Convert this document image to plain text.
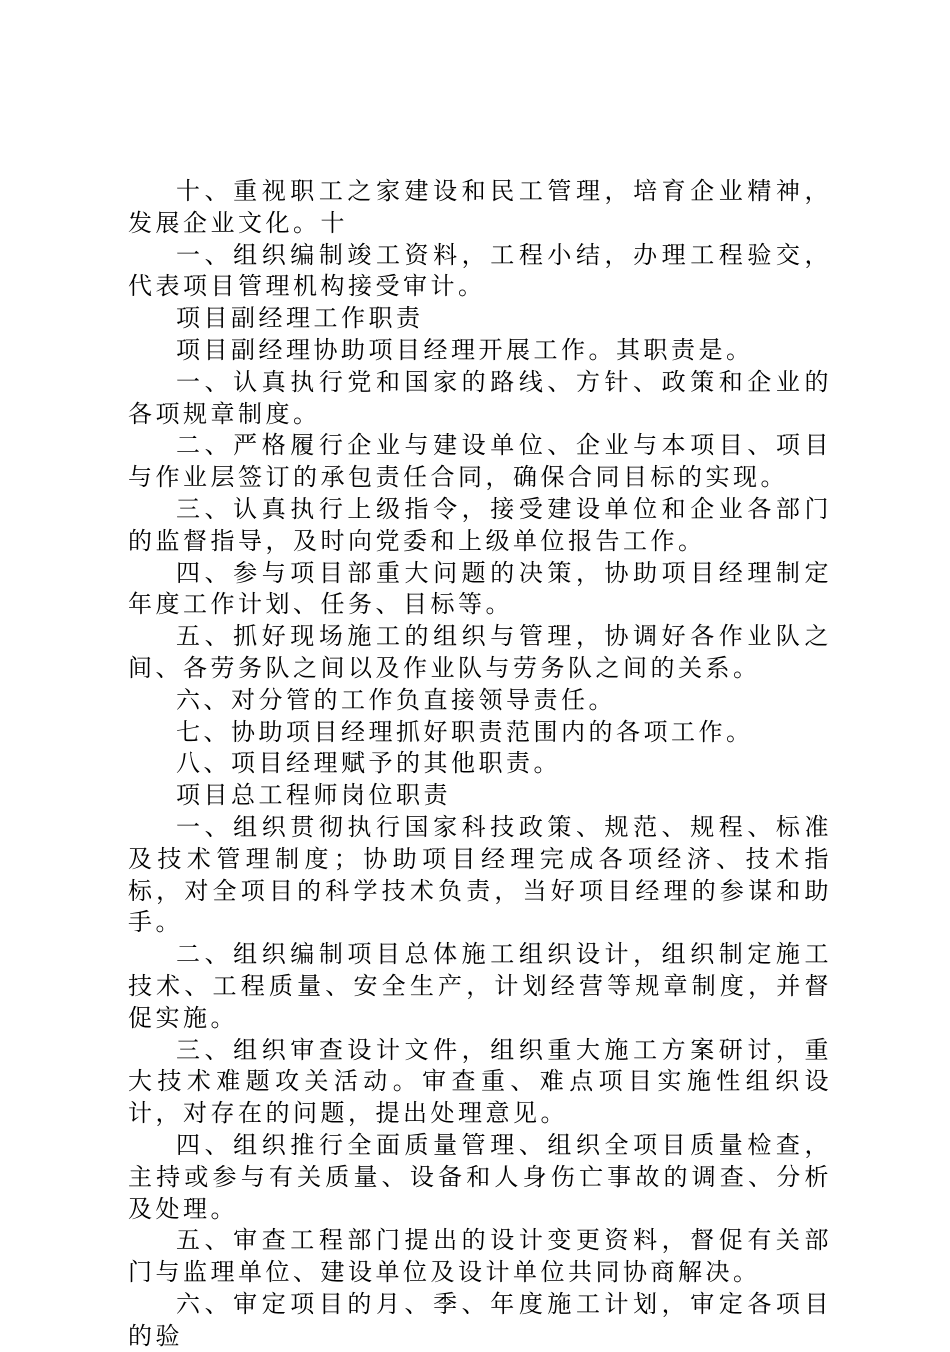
十、重视职工之家建设和民工管理，培育企业精神，发展企业文化。十

一、组织编制竣工资料，工程小结，办理工程验交，代表项目管理机构接受审计。

项目副经理工作职责

项目副经理协助项目经理开展工作。其职责是。

一、认真执行党和国家的路线、方针、政策和企业的各项规章制度。

二、严格履行企业与建设单位、企业与本项目、项目与作业层签订的承包责任合同，确保合同目标的实现。

三、认真执行上级指令，接受建设单位和企业各部门的监督指导，及时向党委和上级单位报告工作。

四、参与项目部重大问题的决策，协助项目经理制定年度工作计划、任务、目标等。

五、抓好现场施工的组织与管理，协调好各作业队之间、各劳务队之间以及作业队与劳务队之间的关系。

六、对分管的工作负直接领导责任。

七、协助项目经理抓好职责范围内的各项工作。

八、项目经理赋予的其他职责。

项目总工程师岗位职责

一、组织贯彻执行国家科技政策、规范、规程、标准及技术管理制度；协助项目经理完成各项经济、技术指标，对全项目的科学技术负责，当好项目经理的参谋和助手。

二、组织编制项目总体施工组织设计，组织制定施工技术、工程质量、安全生产，计划经营等规章制度，并督促实施。

三、组织审查设计文件，组织重大施工方案研讨，重大技术难题攻关活动。审查重、难点项目实施性组织设计，对存在的问题，提出处理意见。

四、组织推行全面质量管理、组织全项目质量检查，主持或参与有关质量、设备和人身伤亡事故的调查、分析及处理。

五、审查工程部门提出的设计变更资料，督促有关部门与监理单位、建设单位及设计单位共同协商解决。

六、审定项目的月、季、年度施工计划，审定各项目的验
